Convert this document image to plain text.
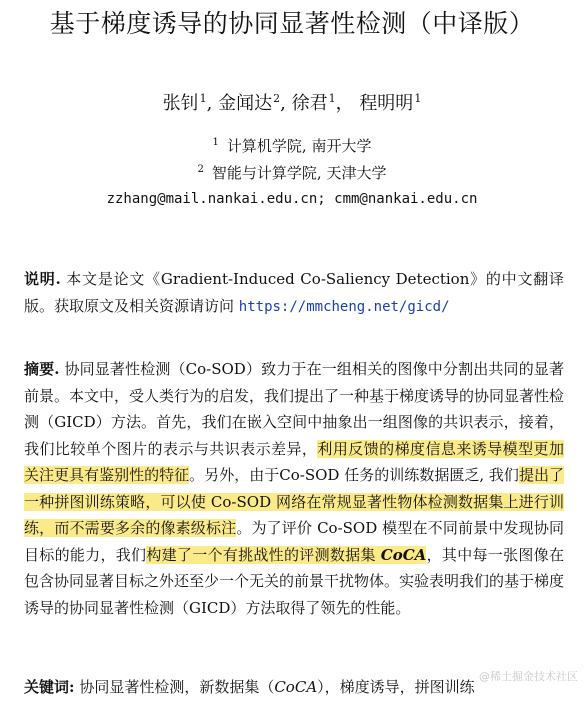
基于梯度诱导的协同显著性检测（中译版）
张钊$^1$, 金闻达$^2$, 徐君$^1$， 程明明$^1$
$^1$ 计算机学院, 南开大学
$^2$ 智能与计算学院, 天津大学
zzhang@mail.nankai.edu.cn; cmm@nankai.edu.cn
说明. 本文是论文《Gradient-Induced Co-Saliency Detection》的中文翻译版。获取原文及相关资源请访问 https://mmcheng.net/gicd/
摘要. 协同显著性检测（Co-SOD）致力于在一组相关的图像中分割出共同的显著前景。本文中，受人类行为的启发，我们提出了一种基于梯度诱导的协同显著性检测（GICD）方法。首先，我们在嵌入空间中抽象出一组图像的共识表示，接着，我们比较单个图片的表示与共识表示差异，利用反馈的梯度信息来诱导模型更加关注更具有鉴别性的特征。另外，由于Co-SOD 任务的训练数据匮乏, 我们提出了一种拼图训练策略，可以使 Co-SOD 网络在常规显著性物体检测数据集上进行训练，而不需要多余的像素级标注。为了评价 Co-SOD 模型在不同前景中发现协同目标的能力，我们构建了一个有挑战性的评测数据集 CoCA，其中每一张图像在包含协同显著目标之外还至少一个无关的前景干扰物体。实验表明我们的基于梯度诱导的协同显著性检测（GICD）方法取得了领先的性能。
关键词: 协同显著性检测，新数据集（CoCA），梯度诱导，拼图训练
@稀土掘金技术社区
